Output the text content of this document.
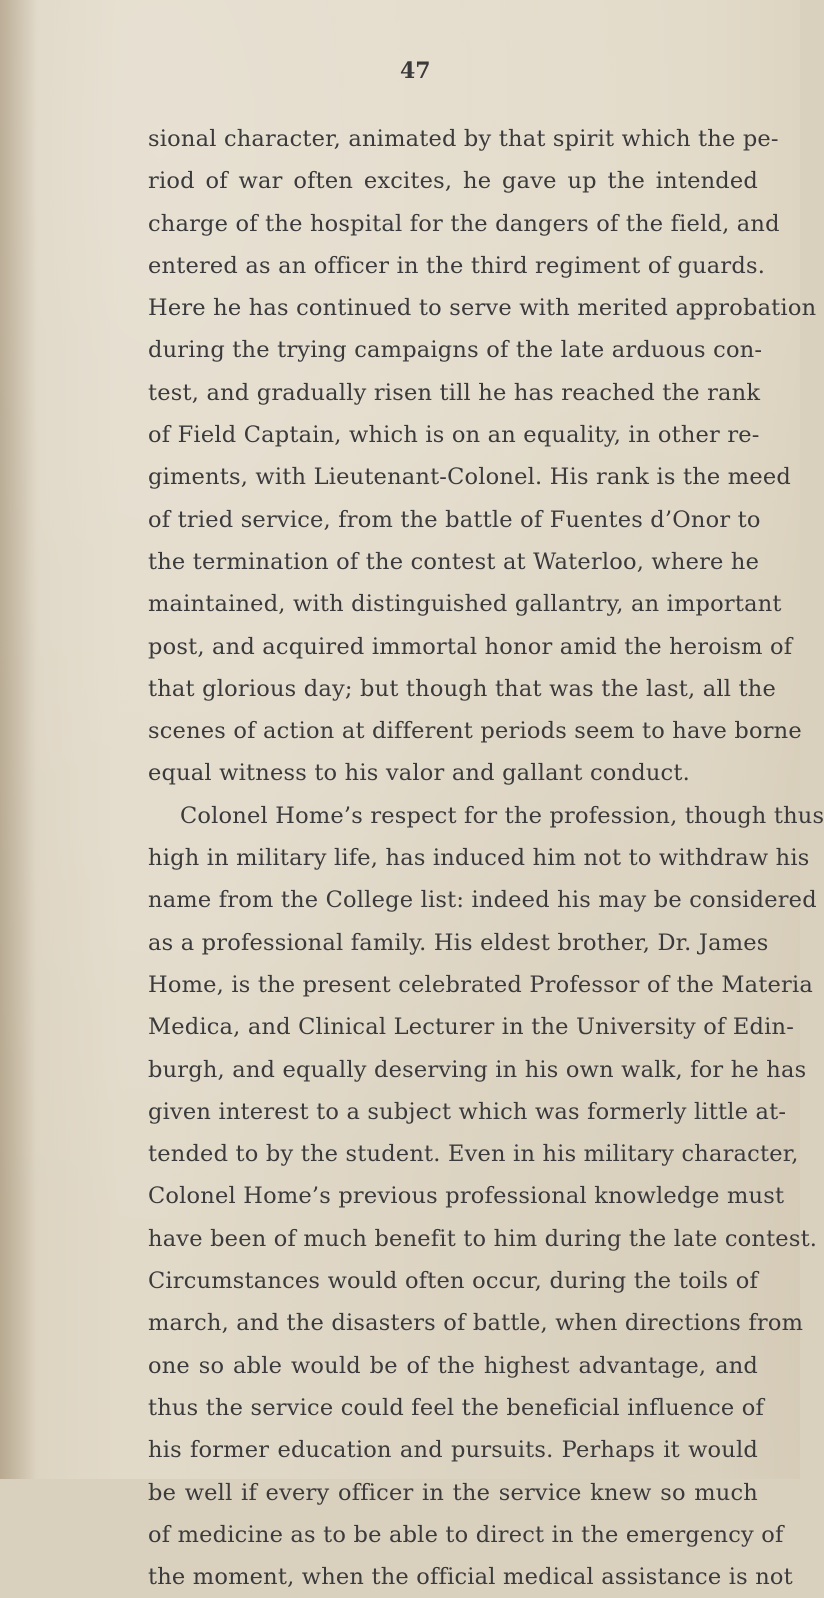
47

sional character, animated by that spirit which the pe-
riod of war often excites, he gave up the intended
charge of the hospital for the dangers of the field, and
entered as an officer in the third regiment of guards.
Here he has continued to serve with merited approbation
during the trying campaigns of the late arduous con-
test, and gradually risen till he has reached the rank
of Field Captain, which is on an equality, in other re-
giments, with Lieutenant-Colonel. His rank is the meed
of tried service, from the battle of Fuentes d’Onor to
the termination of the contest at Waterloo, where he
maintained, with distinguished gallantry, an important
post, and acquired immortal honor amid the heroism of
that glorious day; but though that was the last, all the
scenes of action at different periods seem to have borne
equal witness to his valor and gallant conduct.
Colonel Home’s respect for the profession, though thus
high in military life, has induced him not to withdraw his
name from the College list: indeed his may be considered
as a professional family. His eldest brother, Dr. James
Home, is the present celebrated Professor of the Materia
Medica, and Clinical Lecturer in the University of Edin-
burgh, and equally deserving in his own walk, for he has
given interest to a subject which was formerly little at-
tended to by the student. Even in his military character,
Colonel Home’s previous professional knowledge must
have been of much benefit to him during the late contest.
Circumstances would often occur, during the toils of
march, and the disasters of battle, when directions from
one so able would be of the highest advantage, and
thus the service could feel the beneficial influence of
his former education and pursuits. Perhaps it would
be well if every officer in the service knew so much
of medicine as to be able to direct in the emergency of
the moment, when the official medical assistance is not
